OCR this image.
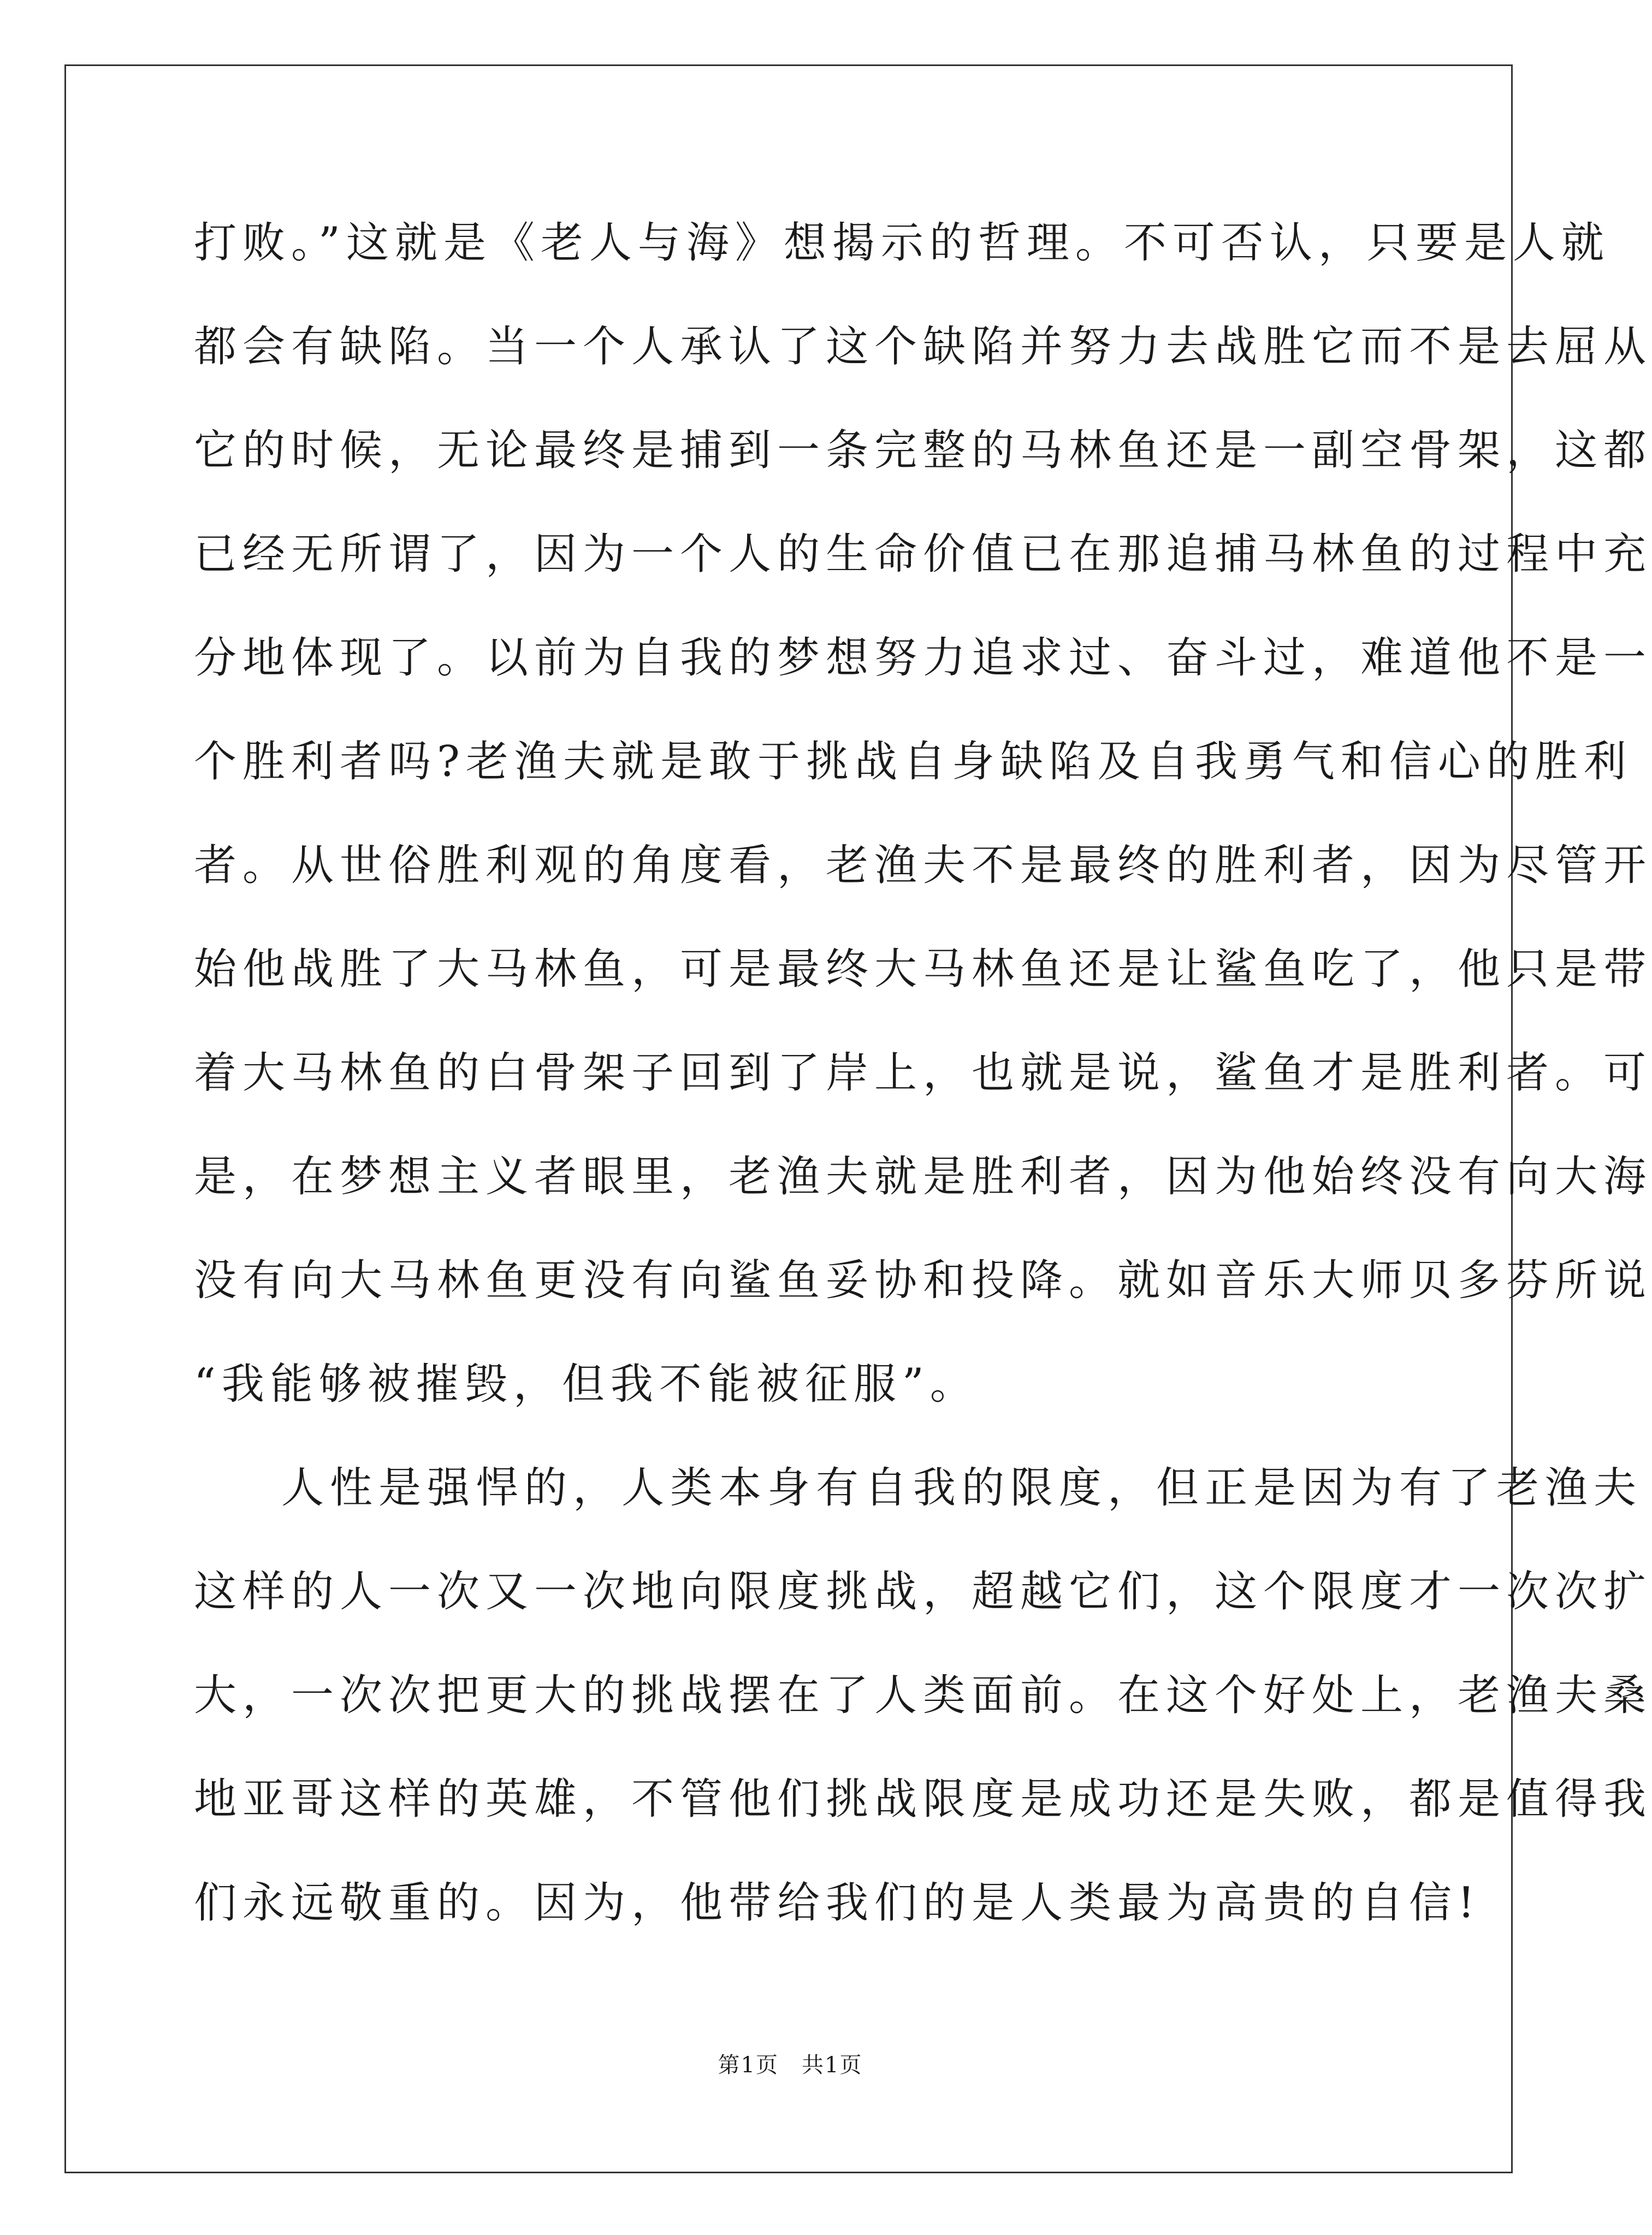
打败。”这就是《老人与海》想揭示的哲理。不可否认，只要是人就
都会有缺陷。当一个人承认了这个缺陷并努力去战胜它而不是去屈从
它的时候，无论最终是捕到一条完整的马林鱼还是一副空骨架，这都
已经无所谓了，因为一个人的生命价值已在那追捕马林鱼的过程中充
分地体现了。以前为自我的梦想努力追求过、奋斗过，难道他不是一
个胜利者吗?老渔夫就是敢于挑战自身缺陷及自我勇气和信心的胜利
者。从世俗胜利观的角度看，老渔夫不是最终的胜利者，因为尽管开
始他战胜了大马林鱼，可是最终大马林鱼还是让鲨鱼吃了，他只是带
着大马林鱼的白骨架子回到了岸上，也就是说，鲨鱼才是胜利者。可
是，在梦想主义者眼里，老渔夫就是胜利者，因为他始终没有向大海
没有向大马林鱼更没有向鲨鱼妥协和投降。就如音乐大师贝多芬所说
“我能够被摧毁，但我不能被征服”。
人性是强悍的，人类本身有自我的限度，但正是因为有了老渔夫
这样的人一次又一次地向限度挑战，超越它们，这个限度才一次次扩
大，一次次把更大的挑战摆在了人类面前。在这个好处上，老渔夫桑
地亚哥这样的英雄，不管他们挑战限度是成功还是失败，都是值得我
们永远敬重的。因为，他带给我们的是人类最为高贵的自信!
第1页　共1页
